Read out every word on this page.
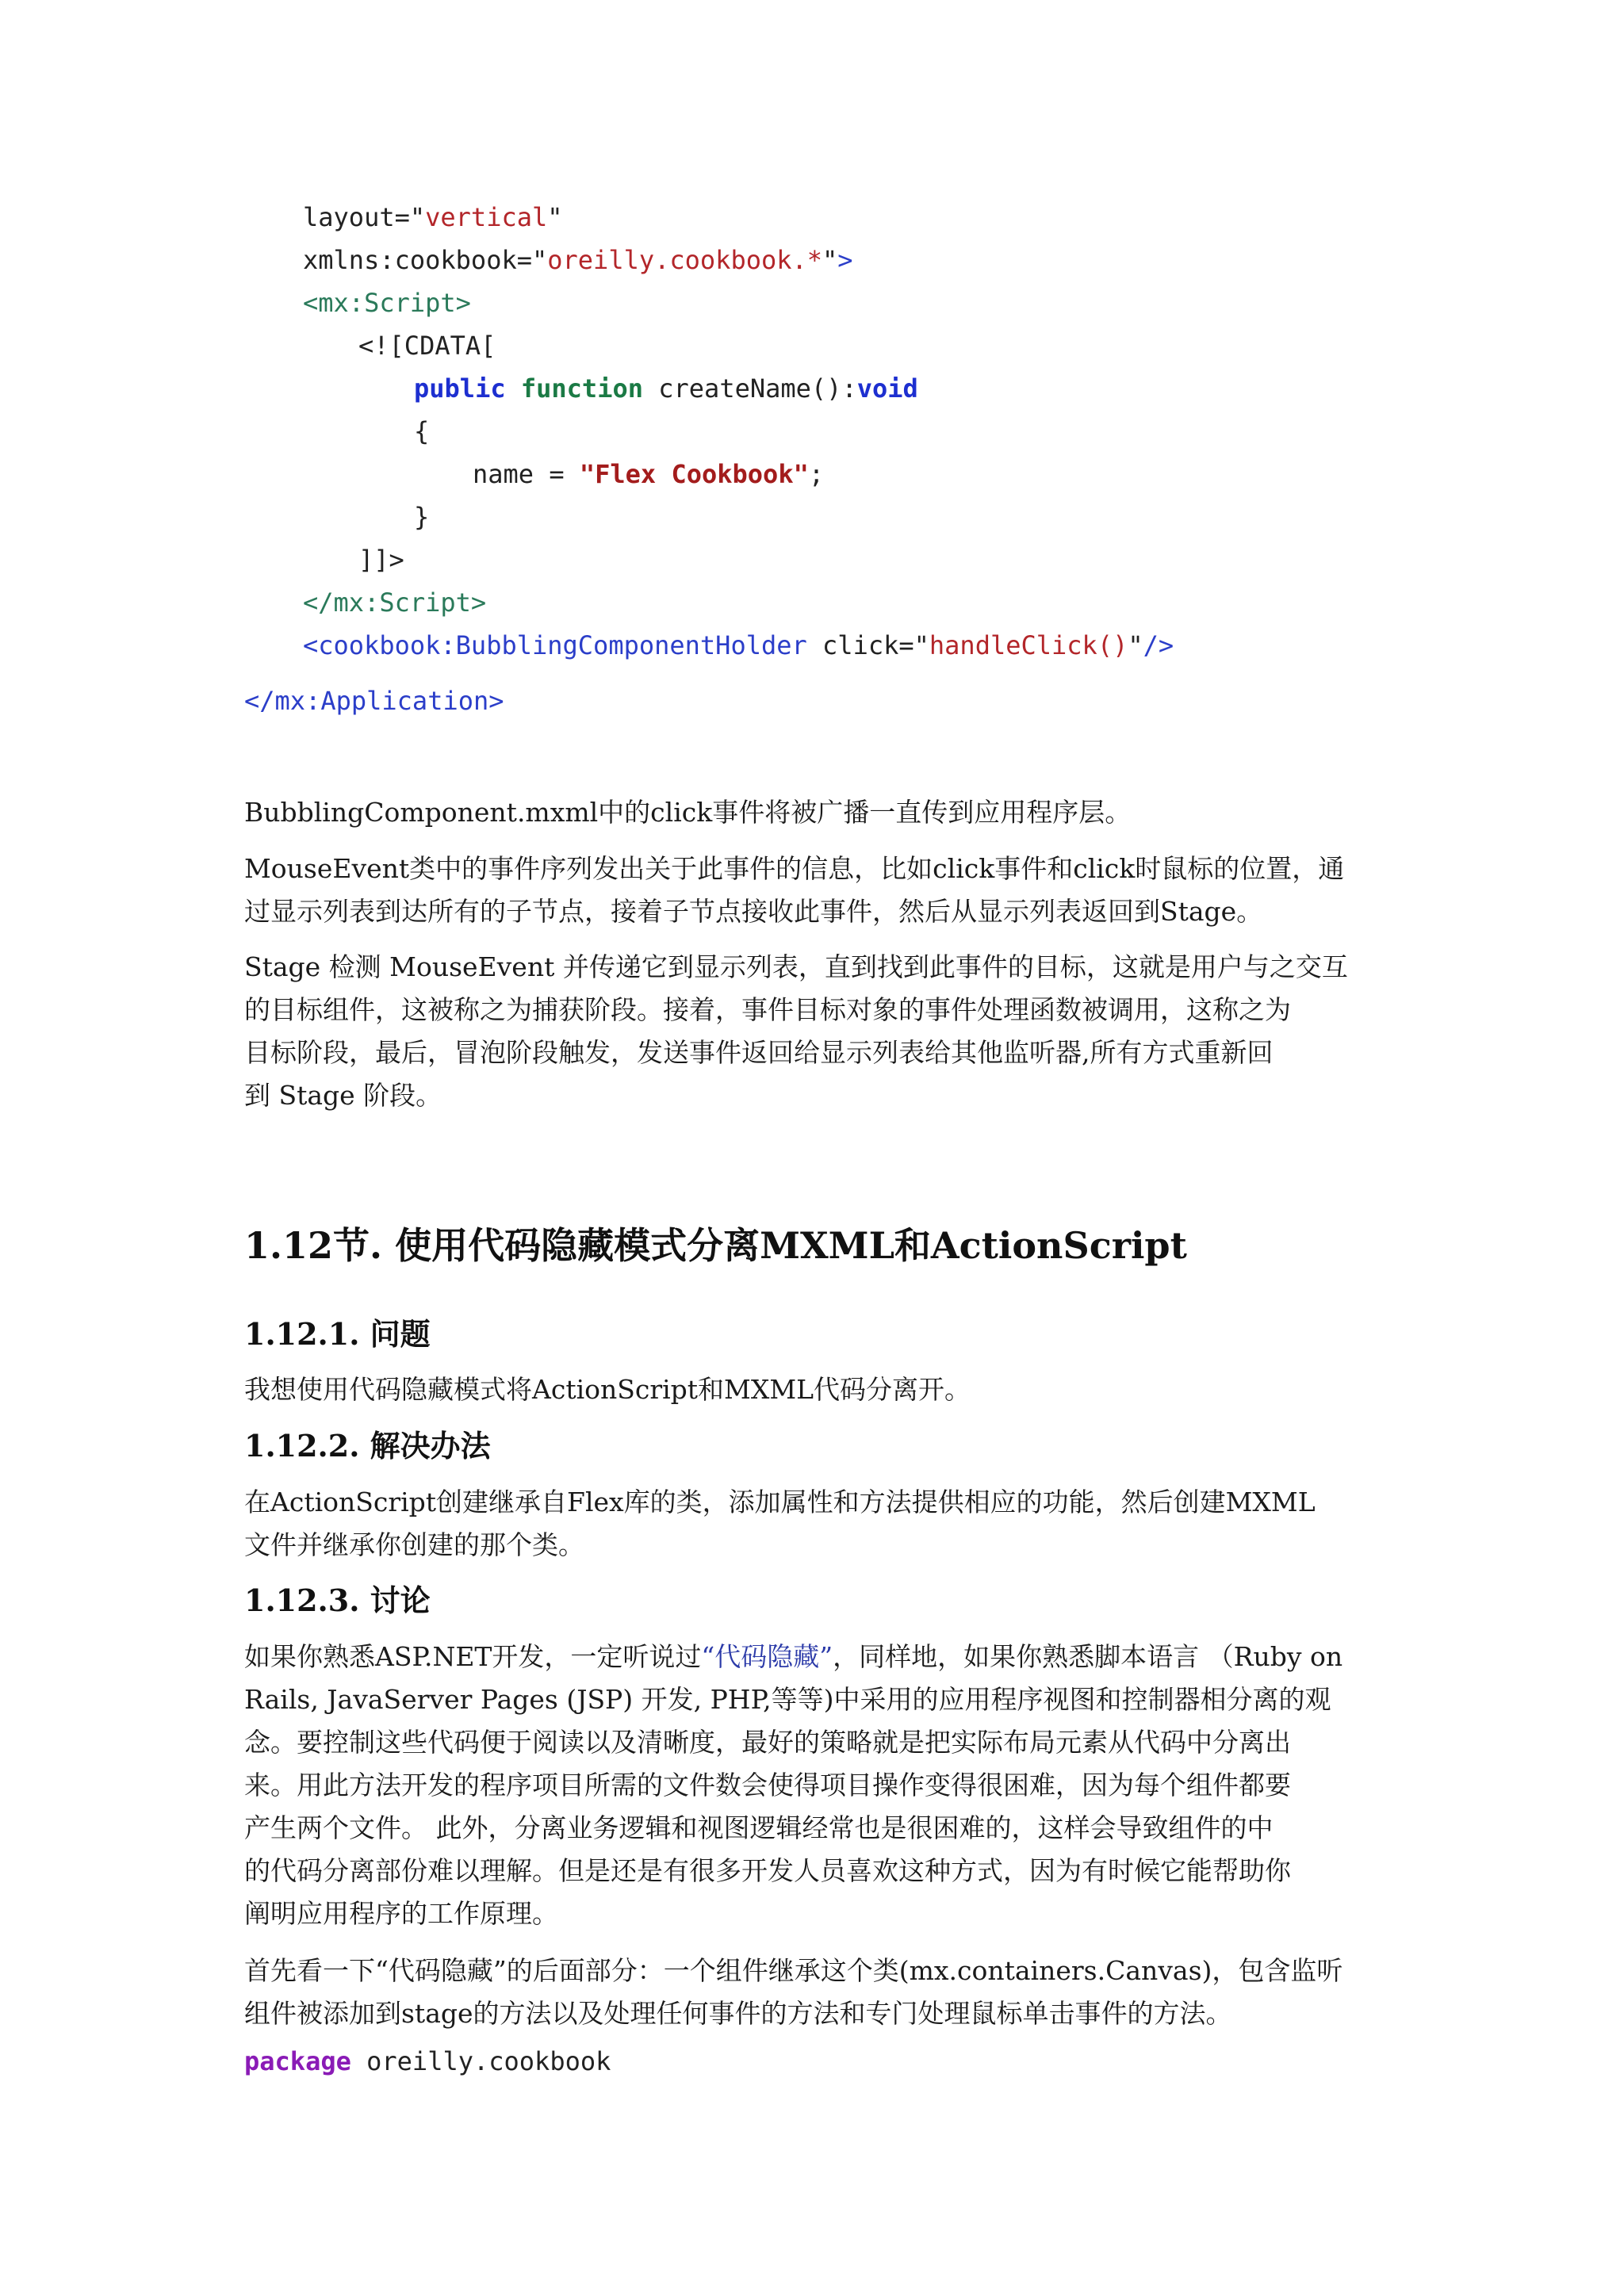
layout="vertical"
xmlns:cookbook="oreilly.cookbook.*">
<mx:Script>
<![CDATA[
public function createName():void
{
name = "Flex Cookbook";
}
]]>
</mx:Script>
<cookbook:BubblingComponentHolder click="handleClick()"/>
</mx:Application>
BubblingComponent.mxml中的click事件将被广播一直传到应用程序层。
MouseEvent类中的事件序列发出关于此事件的信息，比如click事件和click时鼠标的位置，通
过显示列表到达所有的子节点，接着子节点接收此事件，然后从显示列表返回到Stage。
Stage 检测 MouseEvent 并传递它到显示列表，直到找到此事件的目标，这就是用户与之交互
的目标组件，这被称之为捕获阶段。接着，事件目标对象的事件处理函数被调用，这称之为
目标阶段，最后，冒泡阶段触发，发送事件返回给显示列表给其他监听器,所有方式重新回
到 Stage 阶段。
1.12节. 使用代码隐藏模式分离MXML和ActionScript
1.12.1. 问题
我想使用代码隐藏模式将ActionScript和MXML代码分离开。
1.12.2. 解决办法
在ActionScript创建继承自Flex库的类，添加属性和方法提供相应的功能，然后创建MXML
文件并继承你创建的那个类。
1.12.3. 讨论
如果你熟悉ASP.NET开发，一定听说过“代码隐藏”，同样地，如果你熟悉脚本语言 （Ruby on
Rails, JavaServer Pages (JSP) 开发, PHP,等等)中采用的应用程序视图和控制器相分离的观
念。要控制这些代码便于阅读以及清晰度，最好的策略就是把实际布局元素从代码中分离出
来。用此方法开发的程序项目所需的文件数会使得项目操作变得很困难，因为每个组件都要
产生两个文件。 此外，分离业务逻辑和视图逻辑经常也是很困难的，这样会导致组件的中
的代码分离部份难以理解。但是还是有很多开发人员喜欢这种方式，因为有时候它能帮助你
阐明应用程序的工作原理。
首先看一下“代码隐藏”的后面部分：一个组件继承这个类(mx.containers.Canvas)，包含监听
组件被添加到stage的方法以及处理任何事件的方法和专门处理鼠标单击事件的方法。
package oreilly.cookbook
